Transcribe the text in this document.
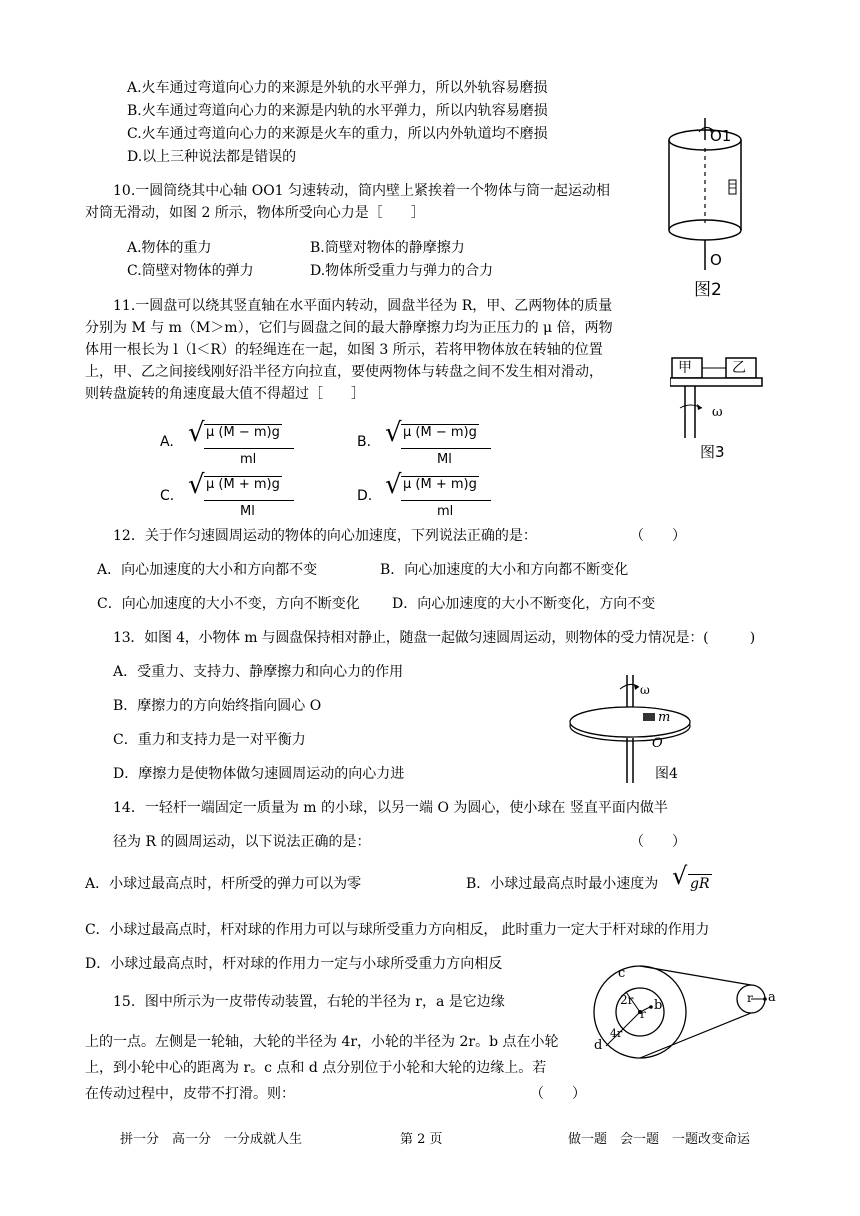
A.火车通过弯道向心力的来源是外轨的水平弹力，所以外轨容易磨损
B.火车通过弯道向心力的来源是内轨的水平弹力，所以内轨容易磨损
C.火车通过弯道向心力的来源是火车的重力，所以内外轨道均不磨损
D.以上三种说法都是错误的
10.一圆筒绕其中心轴 OO1 匀速转动，筒内壁上紧挨着一个物体与筒一起运动相
对筒无滑动，如图 2 所示，物体所受向心力是［　　］
A.物体的重力	B.筒壁对物体的静摩擦力
C.筒壁对物体的弹力	D.物体所受重力与弹力的合力
O1
O
图2
11.一圆盘可以绕其竖直轴在水平面内转动，圆盘半径为 R，甲、乙两物体的质量
分别为 M 与 m（M＞m），它们与圆盘之间的最大静摩擦力均为正压力的 μ 倍，两物
体用一根长为 l（l＜R）的轻绳连在一起，如图 3 所示，若将甲物体放在转轴的位置
上，甲、乙之间接线刚好沿半径方向拉直，要使两物体与转盘之间不发生相对滑动，
则转盘旋转的角速度最大值不得超过［　　］
甲	乙
ω
图3
A. √ μ (M − m)g
ml
B. √ μ (M − m)g
Ml
C. √ μ (M + m)g
Ml
D. √ μ (M + m)g
ml
12．关于作匀速圆周运动的物体的向心加速度，下列说法正确的是：	（　　）
A．向心加速度的大小和方向都不变	B．向心加速度的大小和方向都不断变化
C．向心加速度的大小不变，方向不断变化 D．向心加速度的大小不断变化，方向不变
13．如图 4，小物体 m 与圆盘保持相对静止，随盘一起做匀速圆周运动，则物体的受力情况是：(　　　)
A．受重力、支持力、静摩擦力和向心力的作用
B．摩擦力的方向始终指向圆心 O
C．重力和支持力是一对平衡力
D．摩擦力是使物体做匀速圆周运动的向心力进
ω
m
O
图4
14．一轻杆一端固定一质量为 m 的小球，以另一端 O 为圆心，使小球在 竖直平面内做半
径为 R 的圆周运动，以下说法正确的是：	（　　）
A．小球过最高点时，杆所受的弹力可以为零	B．小球过最高点时最小速度为 √ gR
C．小球过最高点时，杆对球的作用力可以与球所受重力方向相反， 此时重力一定大于杆对球的作用力
D．小球过最高点时，杆对球的作用力一定与小球所受重力方向相反
15．图中所示为一皮带传动装置，右轮的半径为 r，a 是它边缘
上的一点。左侧是一轮轴，大轮的半径为 4r，小轮的半径为 2r。b 点在小轮
上，到小轮中心的距离为 r。c 点和 d 点分别位于小轮和大轮的边缘上。若
在传动过程中，皮带不打滑。则：	（　　）
c
d
b
a
2r
4r
r
r
拼一分　高一分　一分成就人生	第 2 页	做一题　会一题　一题改变命运
